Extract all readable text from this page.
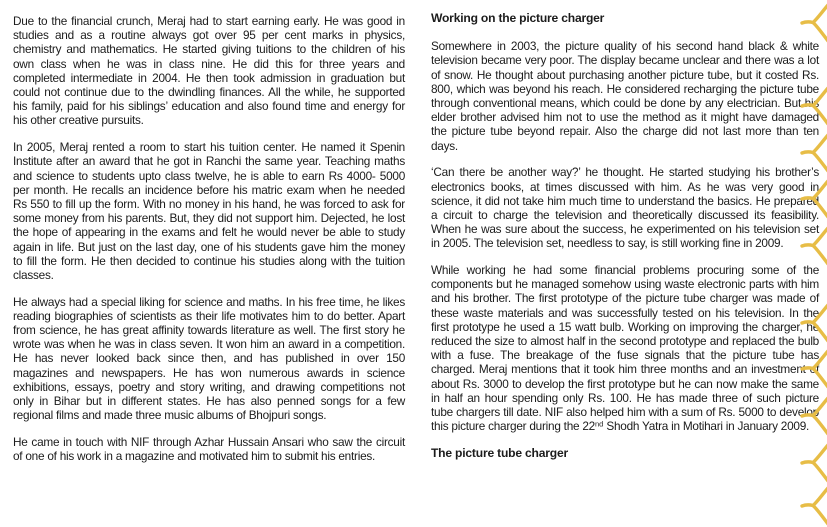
Due to the financial crunch, Meraj had to start earning early. He was good in studies and as a routine always got over 95 per cent marks in physics, chemistry and mathematics. He started giving tuitions to the children of his own class when he was in class nine. He did this for three years and completed intermediate in 2004. He then took admission in graduation but could not continue due to the dwindling finances. All the while, he supported his family, paid for his siblings’ education and also found time and energy for his other creative pursuits.

In 2005, Meraj rented a room to start his tuition center. He named it Spenin Institute after an award that he got in Ranchi the same year. Teaching maths and science to students upto class twelve, he is able to earn Rs 4000- 5000 per month. He recalls an incidence before his matric exam when he needed Rs 550 to fill up the form. With no money in his hand, he was forced to ask for some money from his parents. But, they did not support him. Dejected, he lost the hope of appearing in the exams and felt he would never be able to study again in life. But just on the last day, one of his students gave him the money to fill the form. He then decided to continue his studies along with the tuition classes.

He always had a special liking for science and maths. In his free time, he likes reading biographies of scientists as their life motivates him to do better. Apart from science, he has great affinity towards literature as well. The first story he wrote was when he was in class seven. It won him an award in a competition. He has never looked back since then, and has published in over 150 magazines and newspapers. He has won numerous awards in science exhibitions, essays, poetry and story writing, and drawing competitions not only in Bihar but in different states. He has also penned songs for a few regional films and made three music albums of Bhojpuri songs.

He came in touch with NIF through Azhar Hussain Ansari who saw the circuit of one of his work in a magazine and motivated him to submit his entries.

Working on the picture charger

Somewhere in 2003, the picture quality of his second hand black & white television became very poor. The display became unclear and there was a lot of snow. He thought about purchasing another picture tube, but it costed Rs. 800, which was beyond his reach. He considered recharging the picture tube through conventional means, which could be done by any electrician. But his elder brother advised him not to use the method as it might have damaged the picture tube beyond repair. Also the charge did not last more than ten days.

‘Can there be another way?’ he thought. He started studying his brother’s electronics books, at times discussed with him. As he was very good in science, it did not take him much time to understand the basics. He prepared a circuit to charge the television and theoretically discussed its feasibility. When he was sure about the success, he experimented on his television set in 2005. The television set, needless to say, is still working fine in 2009.

While working he had some financial problems procuring some of the components but he managed somehow using waste electronic parts with him and his brother. The first prototype of the picture tube charger was made of these waste materials and was successfully tested on his television. In the first prototype he used a 15 watt bulb. Working on improving the charger, he reduced the size to almost half in the second prototype and replaced the bulb with a fuse. The breakage of the fuse signals that the picture tube has charged. Meraj mentions that it took him three months and an investment of about Rs. 3000 to develop the first prototype but he can now make the same in half an hour spending only Rs. 100. He has made three of such picture tube chargers till date. NIF also helped him with a sum of Rs. 5000 to develop this picture charger during the 22nd Shodh Yatra in Motihari in January 2009.

The picture tube charger
